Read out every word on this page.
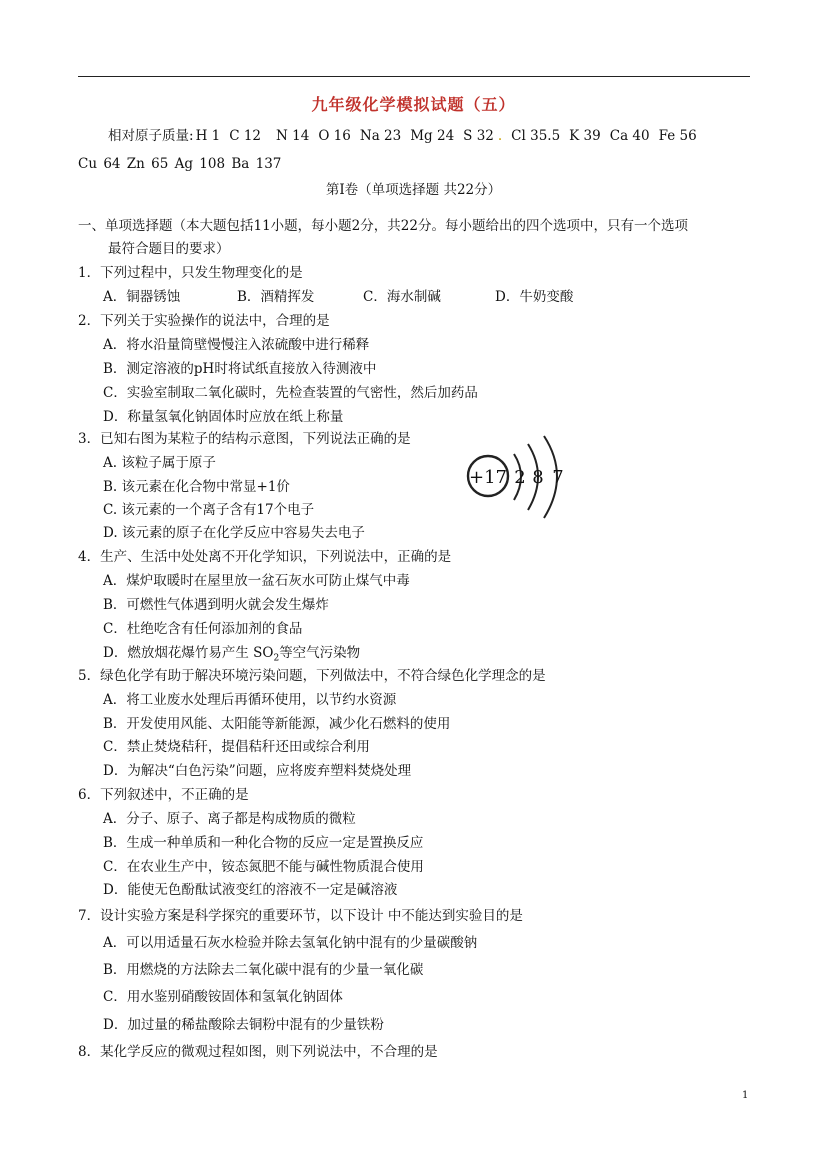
九年级化学模拟试题（五）
相对原子质量: H 1 C 12 N 14 O 16 Na 23 Mg 24 S 32 . Cl 35.5 K 39 Ca 40 Fe 56
Cu 64 Zn 65 Ag 108 Ba 137
第Ⅰ卷（单项选择题 共22分）
一、单项选择题（本大题包括11小题，每小题2分，共22分。每小题给出的四个选项中，只有一个选项
最符合题目的要求）
1．下列过程中，只发生物理变化的是
A．铜器锈蚀	B．酒精挥发	C．海水制碱	D．牛奶变酸
2．下列关于实验操作的说法中，合理的是
A．将水沿量筒壁慢慢注入浓硫酸中进行稀释
B．测定溶液的pH时将试纸直接放入待测液中
C．实验室制取二氧化碳时，先检查装置的气密性，然后加药品
D．称量氢氧化钠固体时应放在纸上称量
3．已知右图为某粒子的结构示意图，下列说法正确的是
A. 该粒子属于原子
B. 该元素在化合物中常显+1价
C. 该元素的一个离子含有17个电子
D. 该元素的原子在化学反应中容易失去电子
+17 2 8 7
4．生产、生活中处处离不开化学知识，下列说法中，正确的是
A．煤炉取暖时在屋里放一盆石灰水可防止煤气中毒
B．可燃性气体遇到明火就会发生爆炸
C．杜绝吃含有任何添加剂的食品
D．燃放烟花爆竹易产生 $SO_2$等空气污染物
5．绿色化学有助于解决环境污染问题，下列做法中，不符合绿色化学理念的是
A．将工业废水处理后再循环使用，以节约水资源
B．开发使用风能、太阳能等新能源，减少化石燃料的使用
C．禁止焚烧秸秆，提倡秸秆还田或综合利用
D．为解决“白色污染”问题，应将废弃塑料焚烧处理
6．下列叙述中，不正确的是
A．分子、原子、离子都是构成物质的微粒
B．生成一种单质和一种化合物的反应一定是置换反应
C．在农业生产中，铵态氮肥不能与碱性物质混合使用
D．能使无色酚酞试液变红的溶液不一定是碱溶液
7．设计实验方案是科学探究的重要环节，以下设计 中不能达到实验目的是
A．可以用适量石灰水检验并除去氢氧化钠中混有的少量碳酸钠
B．用燃烧的方法除去二氧化碳中混有的少量一氧化碳
C．用水鉴别硝酸铵固体和氢氧化钠固体
D．加过量的稀盐酸除去铜粉中混有的少量铁粉
8．某化学反应的微观过程如图，则下列说法中，不合理的是
1
